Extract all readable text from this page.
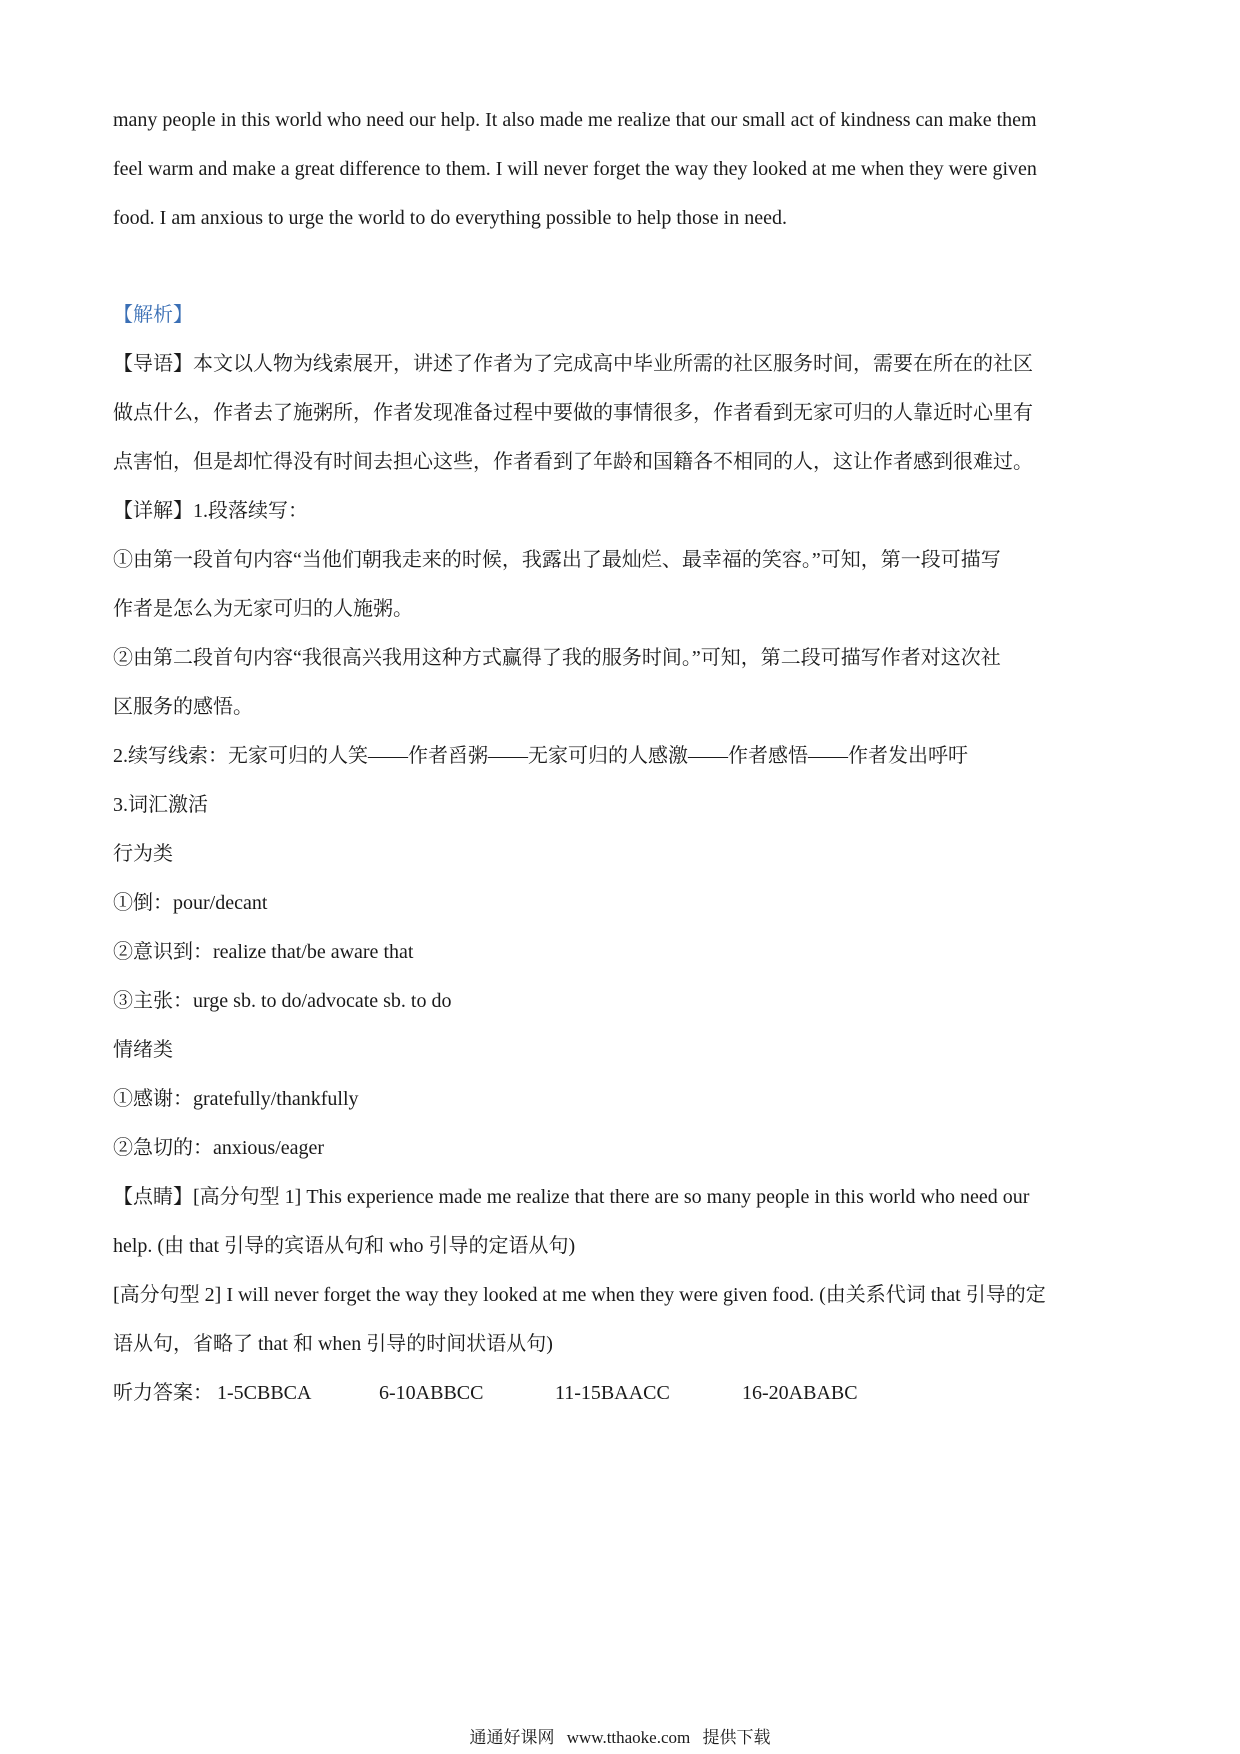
many people in this world who need our help. It also made me realize that our small act of kindness can make them
feel warm and make a great difference to them. I will never forget the way they looked at me when they were given
food. I am anxious to urge the world to do everything possible to help those in need.
【解析】
【导语】本文以人物为线索展开，讲述了作者为了完成高中毕业所需的社区服务时间，需要在所在的社区
做点什么，作者去了施粥所，作者发现准备过程中要做的事情很多，作者看到无家可归的人靠近时心里有
点害怕，但是却忙得没有时间去担心这些，作者看到了年龄和国籍各不相同的人，这让作者感到很难过。
【详解】1.段落续写：
①由第一段首句内容“当他们朝我走来的时候，我露出了最灿烂、最幸福的笑容。”可知，第一段可描写
作者是怎么为无家可归的人施粥。
②由第二段首句内容“我很高兴我用这种方式赢得了我的服务时间。”可知，第二段可描写作者对这次社
区服务的感悟。
2.续写线索：无家可归的人笑——作者舀粥——无家可归的人感激——作者感悟——作者发出呼吁
3.词汇激活
行为类
①倒：pour/decant
②意识到：realize that/be aware that
③主张：urge sb. to do/advocate sb. to do
情绪类
①感谢：gratefully/thankfully
②急切的：anxious/eager
【点睛】[高分句型 1] This experience made me realize that there are so many people in this world who need our
help. (由 that 引导的宾语从句和 who 引导的定语从句)
[高分句型 2] I will never forget the way they looked at me when they were given food. (由关系代词 that 引导的定
语从句，省略了 that 和 when 引导的时间状语从句)
听力答案： 1-5CBBCA	6-10ABBCC	11-15BAACC	16-20ABABC
通通好课网 www.tthaoke.com 提供下载
